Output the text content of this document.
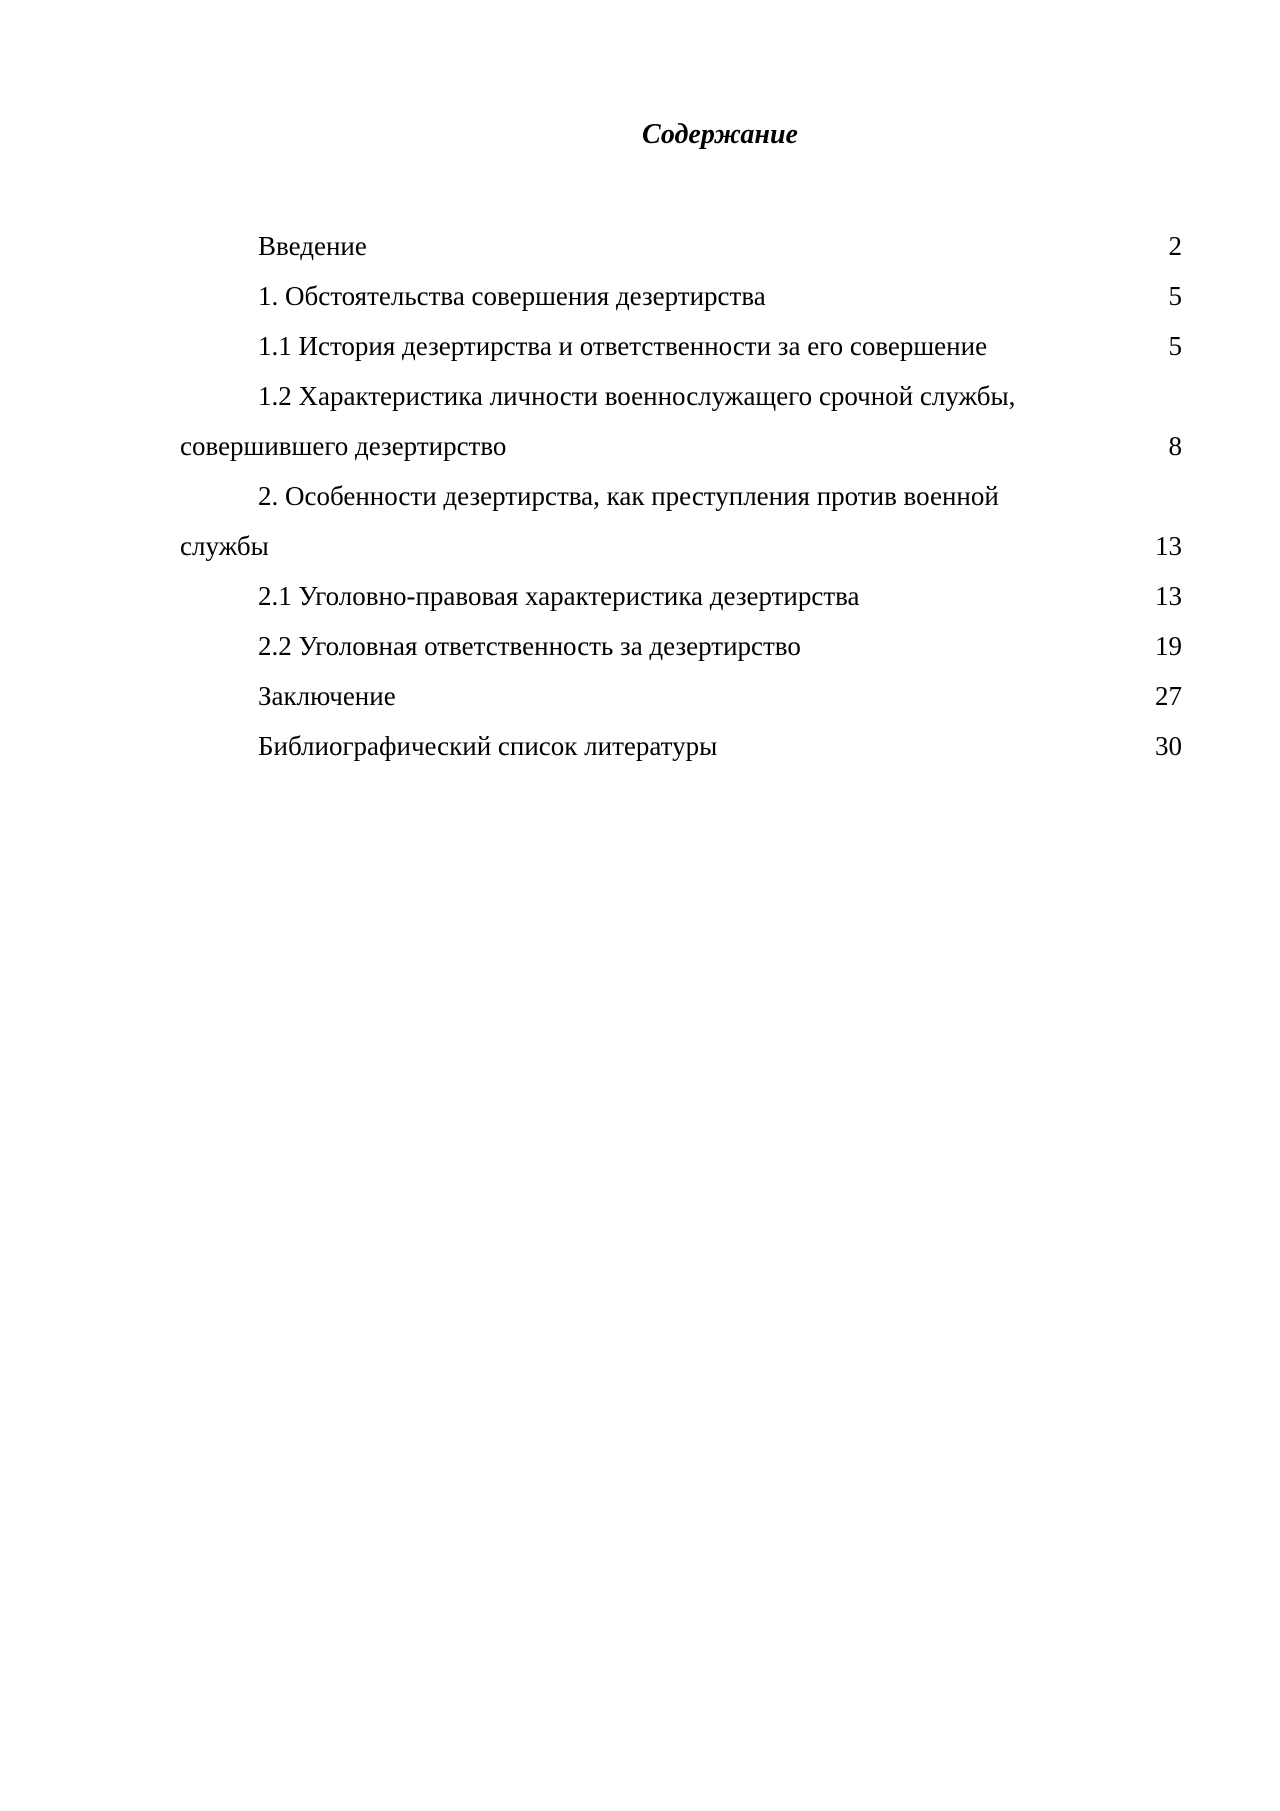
Содержание
Введение	2
1. Обстоятельства совершения дезертирства	5
1.1 История дезертирства и ответственности за его совершение	5
1.2 Характеристика личности военнослужащего срочной службы,
совершившего дезертирство	8
2. Особенности дезертирства, как преступления против военной
службы	13
2.1 Уголовно-правовая характеристика дезертирства	13
2.2 Уголовная ответственность за дезертирство	19
Заключение	27
Библиографический список литературы	30
